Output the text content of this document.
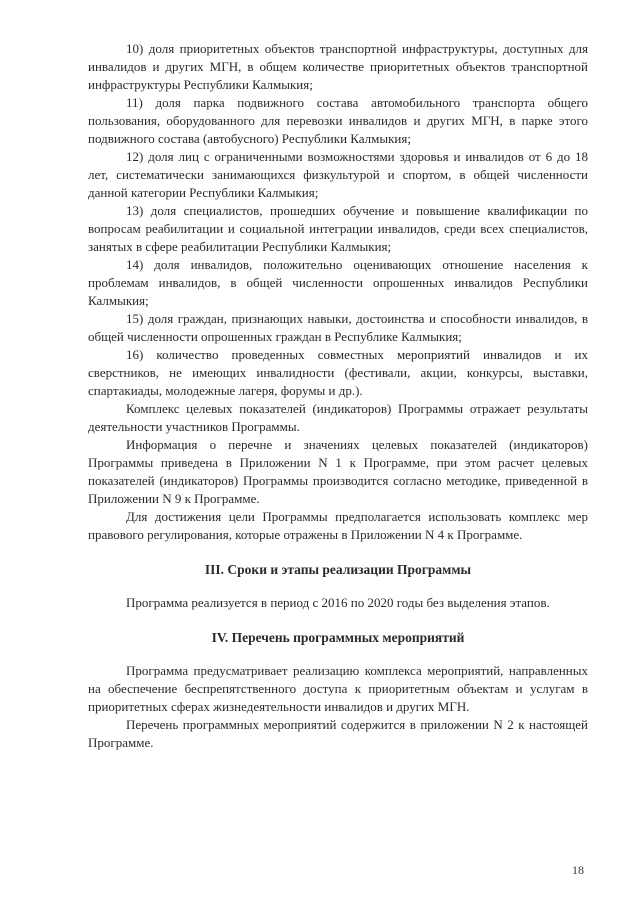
10) доля приоритетных объектов транспортной инфраструктуры, доступных для инвалидов и других МГН, в общем количестве приоритетных объектов транспортной инфраструктуры Республики Калмыкия;

11) доля парка подвижного состава автомобильного транспорта общего пользования, оборудованного для перевозки инвалидов и других МГН, в парке этого подвижного состава (автобусного) Республики Калмыкия;

12) доля лиц с ограниченными возможностями здоровья и инвалидов от 6 до 18 лет, систематически занимающихся физкультурой и спортом, в общей численности данной категории Республики Калмыкия;

13) доля специалистов, прошедших обучение и повышение квалификации по вопросам реабилитации и социальной интеграции инвалидов, среди всех специалистов, занятых в сфере реабилитации Республики Калмыкия;

14) доля инвалидов, положительно оценивающих отношение населения к проблемам инвалидов, в общей численности опрошенных инвалидов Республики Калмыкия;

15) доля граждан, признающих навыки, достоинства и способности инвалидов, в общей численности опрошенных граждан в Республике Калмыкия;

16) количество проведенных совместных мероприятий инвалидов и их сверстников, не имеющих инвалидности (фестивали, акции, конкурсы, выставки, спартакиады, молодежные лагеря, форумы и др.).

Комплекс целевых показателей (индикаторов) Программы отражает результаты деятельности участников Программы.

Информация о перечне и значениях целевых показателей (индикаторов) Программы приведена в Приложении N 1 к Программе, при этом расчет целевых показателей (индикаторов) Программы производится согласно методике, приведенной в Приложении N 9 к Программе.

Для достижения цели Программы предполагается использовать комплекс мер правового регулирования, которые отражены в Приложении N 4 к Программе.

III. Сроки и этапы реализации Программы

Программа реализуется в период с 2016 по 2020 годы без выделения этапов.

IV. Перечень программных мероприятий

Программа предусматривает реализацию комплекса мероприятий, направленных на обеспечение беспрепятственного доступа к приоритетным объектам и услугам в приоритетных сферах жизнедеятельности инвалидов и других МГН.

Перечень программных мероприятий содержится в приложении N 2 к настоящей Программе.

18
